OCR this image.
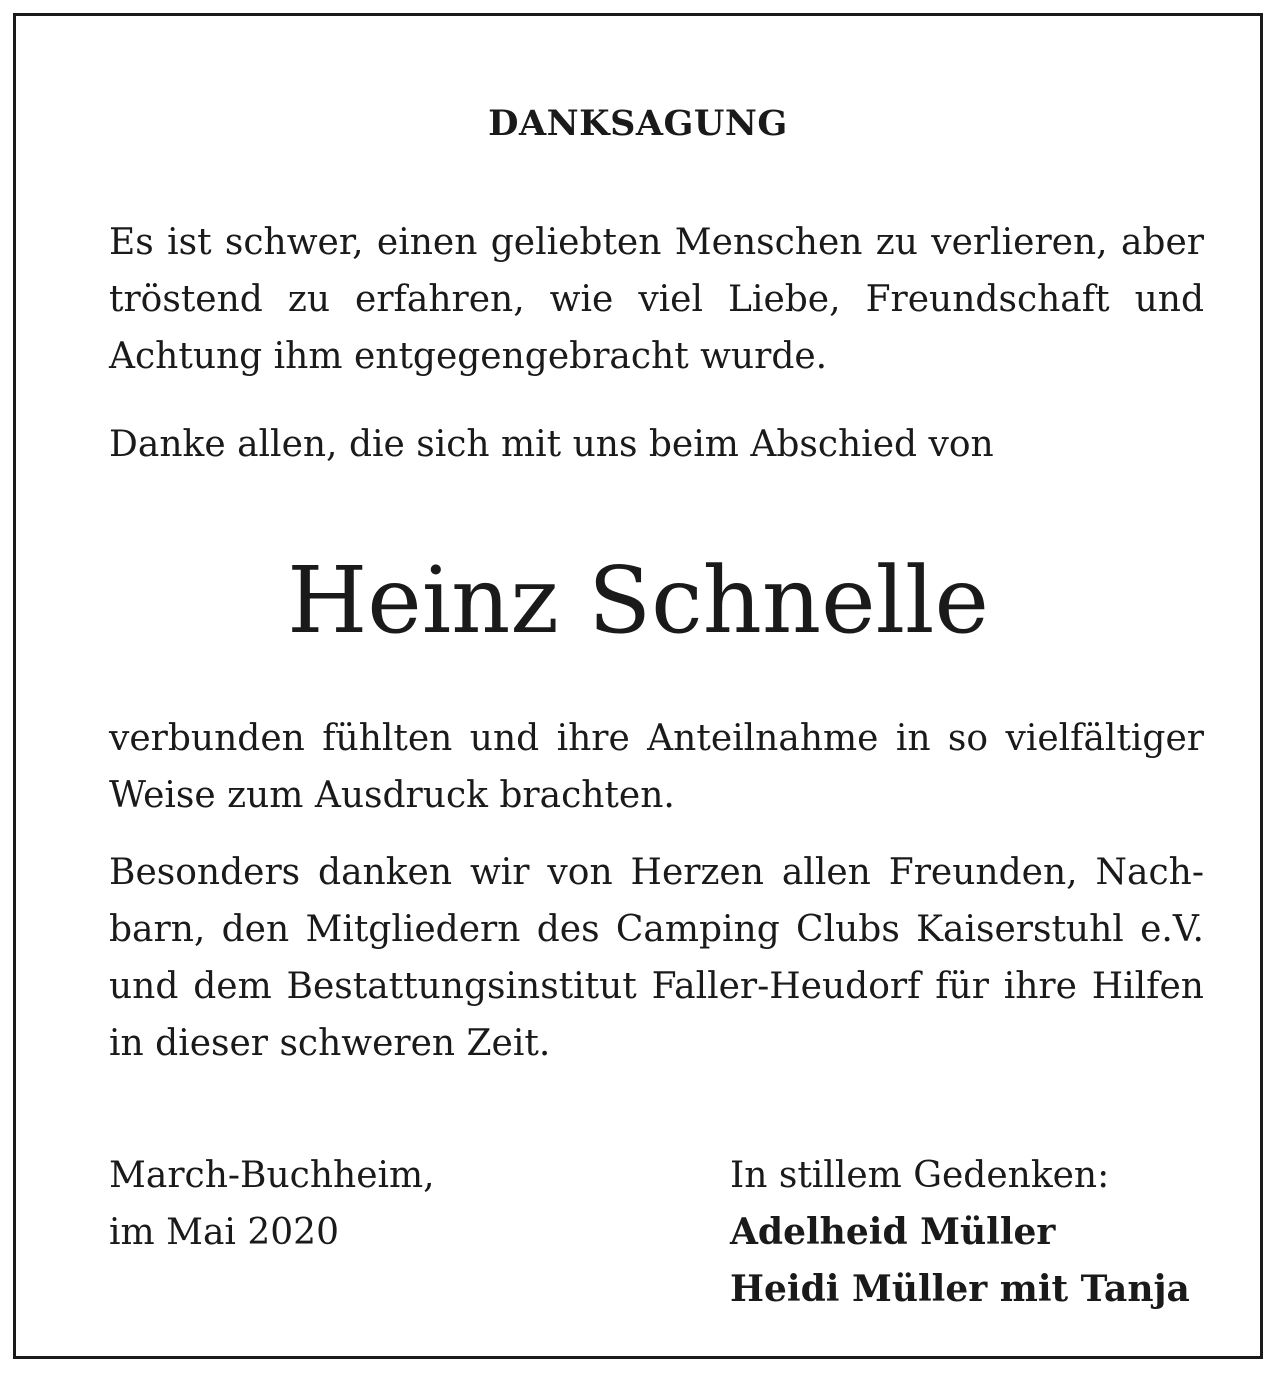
DANKSAGUNG

Es ist schwer, einen geliebten Menschen zu verlieren, aber tröstend zu erfahren, wie viel Liebe, Freundschaft und Achtung ihm entgegengebracht wurde.

Danke allen, die sich mit uns beim Abschied von

Heinz Schnelle

verbunden fühlten und ihre Anteilnahme in so vielfältiger Weise zum Ausdruck brachten.

Besonders danken wir von Herzen allen Freunden, Nachbarn, den Mitgliedern des Camping Clubs Kaiserstuhl e.V. und dem Bestattungsinstitut Faller-Heudorf für ihre Hilfen in dieser schweren Zeit.

March-Buchheim,
im Mai 2020
In stillem Gedenken:
Adelheid Müller
Heidi Müller mit Tanja
